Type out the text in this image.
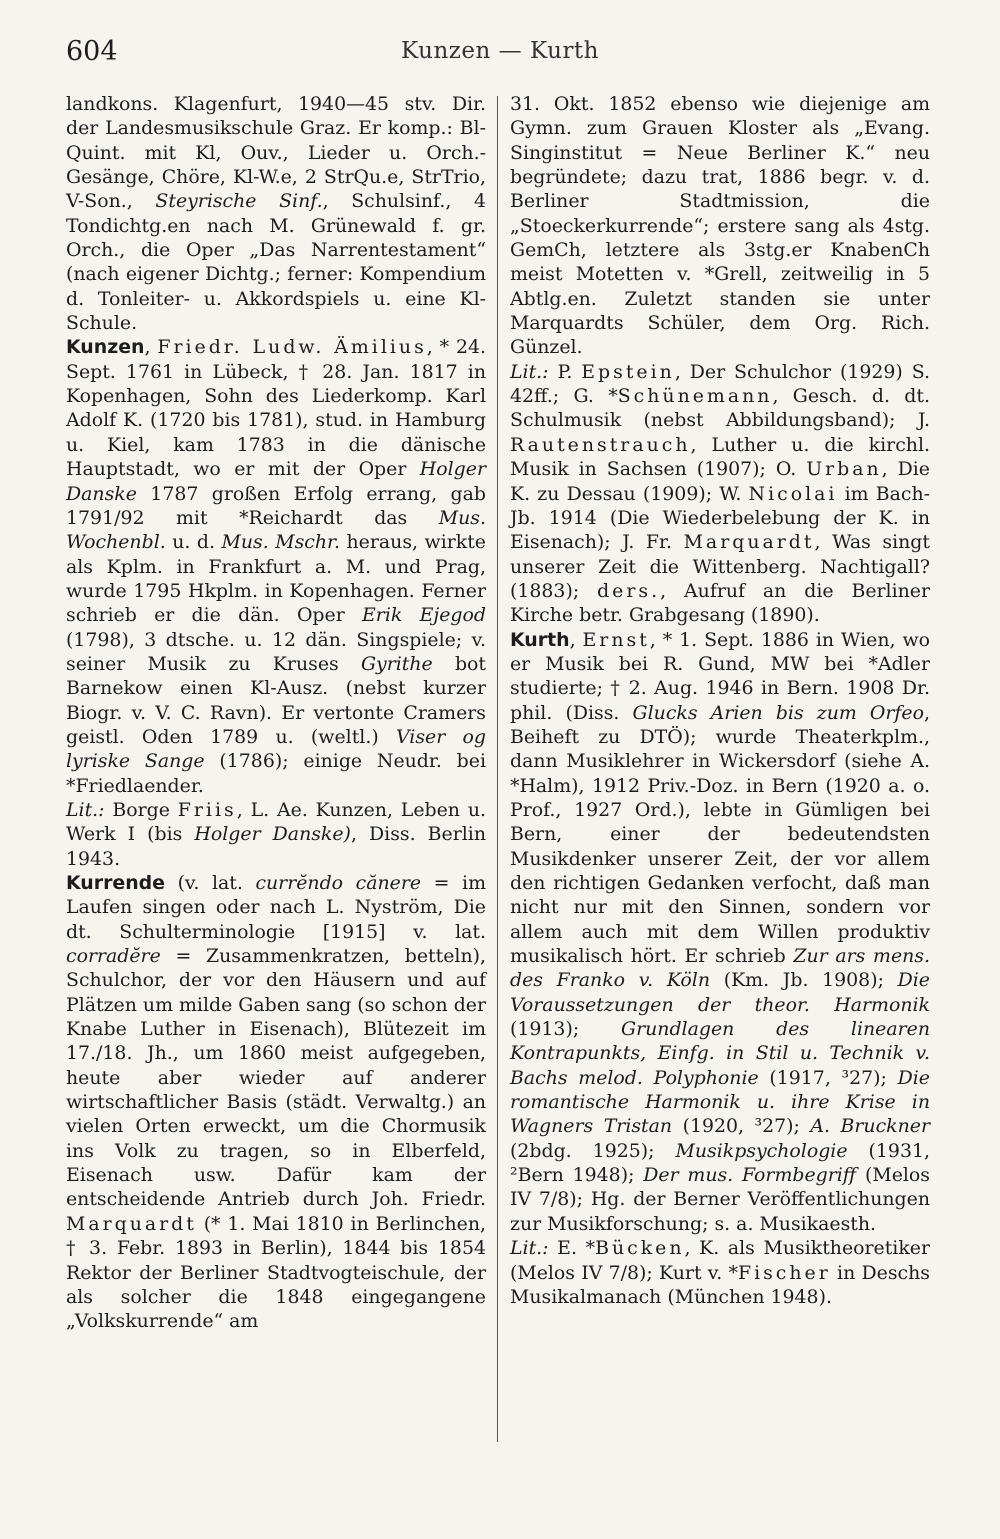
604	Kunzen — Kurth

landkons. Klagenfurt, 1940—45 stv. Dir. der Landesmusikschule Graz. Er komp.: Bl-Quint. mit Kl, Ouv., Lieder u. Orch.-Gesänge, Chöre, Kl-W.e, 2 StrQu.e, StrTrio, V-Son., Steyrische Sinf., Schulsinf., 4 Tondichtg.en nach M. Grünewald f. gr. Orch., die Oper „Das Narrentestament“ (nach eigener Dichtg.; ferner: Kompendium d. Tonleiter- u. Akkordspiels u. eine Kl-Schule.

Kunzen, Friedr. Ludw. Ämilius, * 24. Sept. 1761 in Lübeck, † 28. Jan. 1817 in Kopenhagen, Sohn des Liederkomp. Karl Adolf K. (1720 bis 1781), stud. in Hamburg u. Kiel, kam 1783 in die dänische Hauptstadt, wo er mit der Oper Holger Danske 1787 großen Erfolg errang, gab 1791/92 mit *Reichardt das Mus. Wochenbl. u. d. Mus. Mschr. heraus, wirkte als Kplm. in Frankfurt a. M. und Prag, wurde 1795 Hkplm. in Kopenhagen. Ferner schrieb er die dän. Oper Erik Ejegod (1798), 3 dtsche. u. 12 dän. Singspiele; v. seiner Musik zu Kruses Gyrithe bot Barnekow einen Kl-Ausz. (nebst kurzer Biogr. v. V. C. Ravn). Er vertonte Cramers geistl. Oden 1789 u. (weltl.) Viser og lyriske Sange (1786); einige Neudr. bei *Friedlaender.

Lit.: Borge Friis, L. Ae. Kunzen, Leben u. Werk I (bis Holger Danske), Diss. Berlin 1943.

Kurrende (v. lat. currĕndo cănere = im Laufen singen oder nach L. Nyström, Die dt. Schulterminologie [1915] v. lat. corradĕre = Zusammenkratzen, betteln), Schulchor, der vor den Häusern und auf Plätzen um milde Gaben sang (so schon der Knabe Luther in Eisenach), Blütezeit im 17./18. Jh., um 1860 meist aufgegeben, heute aber wieder auf anderer wirtschaftlicher Basis (städt. Verwaltg.) an vielen Orten erweckt, um die Chormusik ins Volk zu tragen, so in Elberfeld, Eisenach usw. Dafür kam der entscheidende Antrieb durch Joh. Friedr. Marquardt (* 1. Mai 1810 in Berlinchen, † 3. Febr. 1893 in Berlin), 1844 bis 1854 Rektor der Berliner Stadtvogteischule, der als solcher die 1848 eingegangene „Volkskurrende“ am

31. Okt. 1852 ebenso wie diejenige am Gymn. zum Grauen Kloster als „Evang. Singinstitut = Neue Berliner K.“ neu begründete; dazu trat, 1886 begr. v. d. Berliner Stadtmission, die „Stoeckerkurrende“; erstere sang als 4stg. GemCh, letztere als 3stg.er KnabenCh meist Motetten v. *Grell, zeitweilig in 5 Abtlg.en. Zuletzt standen sie unter Marquardts Schüler, dem Org. Rich. Günzel.

Lit.: P. Epstein, Der Schulchor (1929) S. 42ff.; G. *Schünemann, Gesch. d. dt. Schulmusik (nebst Abbildungsband); J. Rautenstrauch, Luther u. die kirchl. Musik in Sachsen (1907); O. Urban, Die K. zu Dessau (1909); W. Nicolai im Bach-Jb. 1914 (Die Wiederbelebung der K. in Eisenach); J. Fr. Marquardt, Was singt unserer Zeit die Wittenberg. Nachtigall? (1883); ders., Aufruf an die Berliner Kirche betr. Grabgesang (1890).

Kurth, Ernst, * 1. Sept. 1886 in Wien, wo er Musik bei R. Gund, MW bei *Adler studierte; † 2. Aug. 1946 in Bern. 1908 Dr. phil. (Diss. Glucks Arien bis zum Orfeo, Beiheft zu DTÖ); wurde Theaterkplm., dann Musiklehrer in Wickersdorf (siehe A. *Halm), 1912 Priv.-Doz. in Bern (1920 a. o. Prof., 1927 Ord.), lebte in Gümligen bei Bern, einer der bedeutendsten Musikdenker unserer Zeit, der vor allem den richtigen Gedanken verfocht, daß man nicht nur mit den Sinnen, sondern vor allem auch mit dem Willen produktiv musikalisch hört. Er schrieb Zur ars mens. des Franko v. Köln (Km. Jb. 1908); Die Voraussetzungen der theor. Harmonik (1913); Grundlagen des linearen Kontrapunkts, Einfg. in Stil u. Technik v. Bachs melod. Polyphonie (1917, ³27); Die romantische Harmonik u. ihre Krise in Wagners Tristan (1920, ³27); A. Bruckner (2bdg. 1925); Musikpsychologie (1931, ²Bern 1948); Der mus. Formbegriff (Melos IV 7/8); Hg. der Berner Veröffentlichungen zur Musikforschung; s. a. Musikaesth.

Lit.: E. *Bücken, K. als Musiktheoretiker (Melos IV 7/8); Kurt v. *Fischer in Deschs Musikalmanach (München 1948).
